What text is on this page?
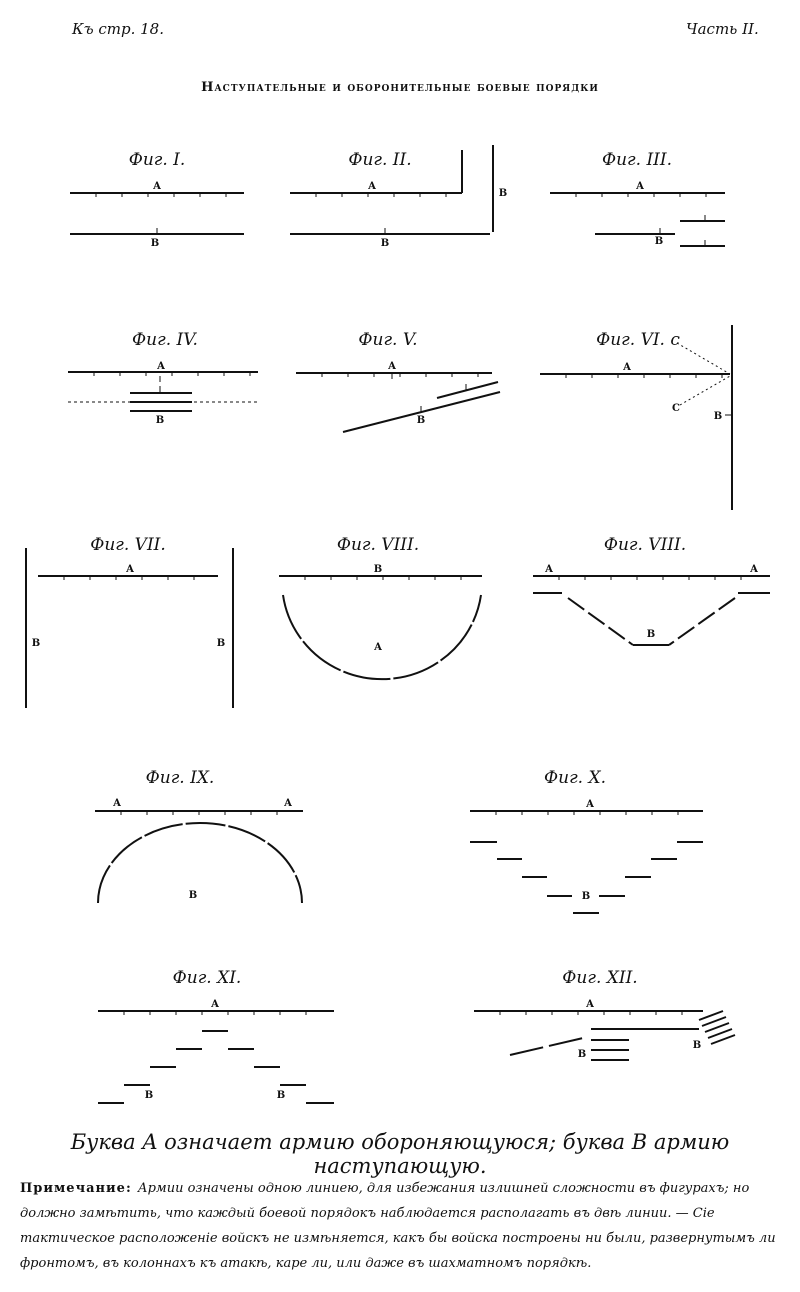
Къ стр. 18.	Часть II.
Наступательные и оборонительные боевые порядки
Фиг. I.	Фиг. II.	Фиг. III.
Фиг. IV.	Фиг. V.	Фиг. VI. c
Фиг. VII.	Фиг. VIII.	Фиг. VIII.
Фиг. IX.	Фиг. X.
Фиг. XI.	Фиг. XII.
A
B
A
B
B
A
B
A
B
A
B
A
C
B
A
B	B
B
A
A	A
B
A	A
B
A
B
A
B	B
A
B
B
Буква A означает армию обороняющуюся; буква B армию наступающую.
Примечание: Армии означены одною линиею, для избежания излишней сложности въ фигурахъ; но должно замѣтить, что каждый боевой порядокъ наблюдается располагать въ двѣ линии. — Сіе тактическое расположеніе войскъ не измѣняется, какъ бы войска построены ни были, развернутымъ ли фронтомъ, въ колоннахъ къ атакѣ, каре ли, или даже въ шахматномъ порядкѣ.
